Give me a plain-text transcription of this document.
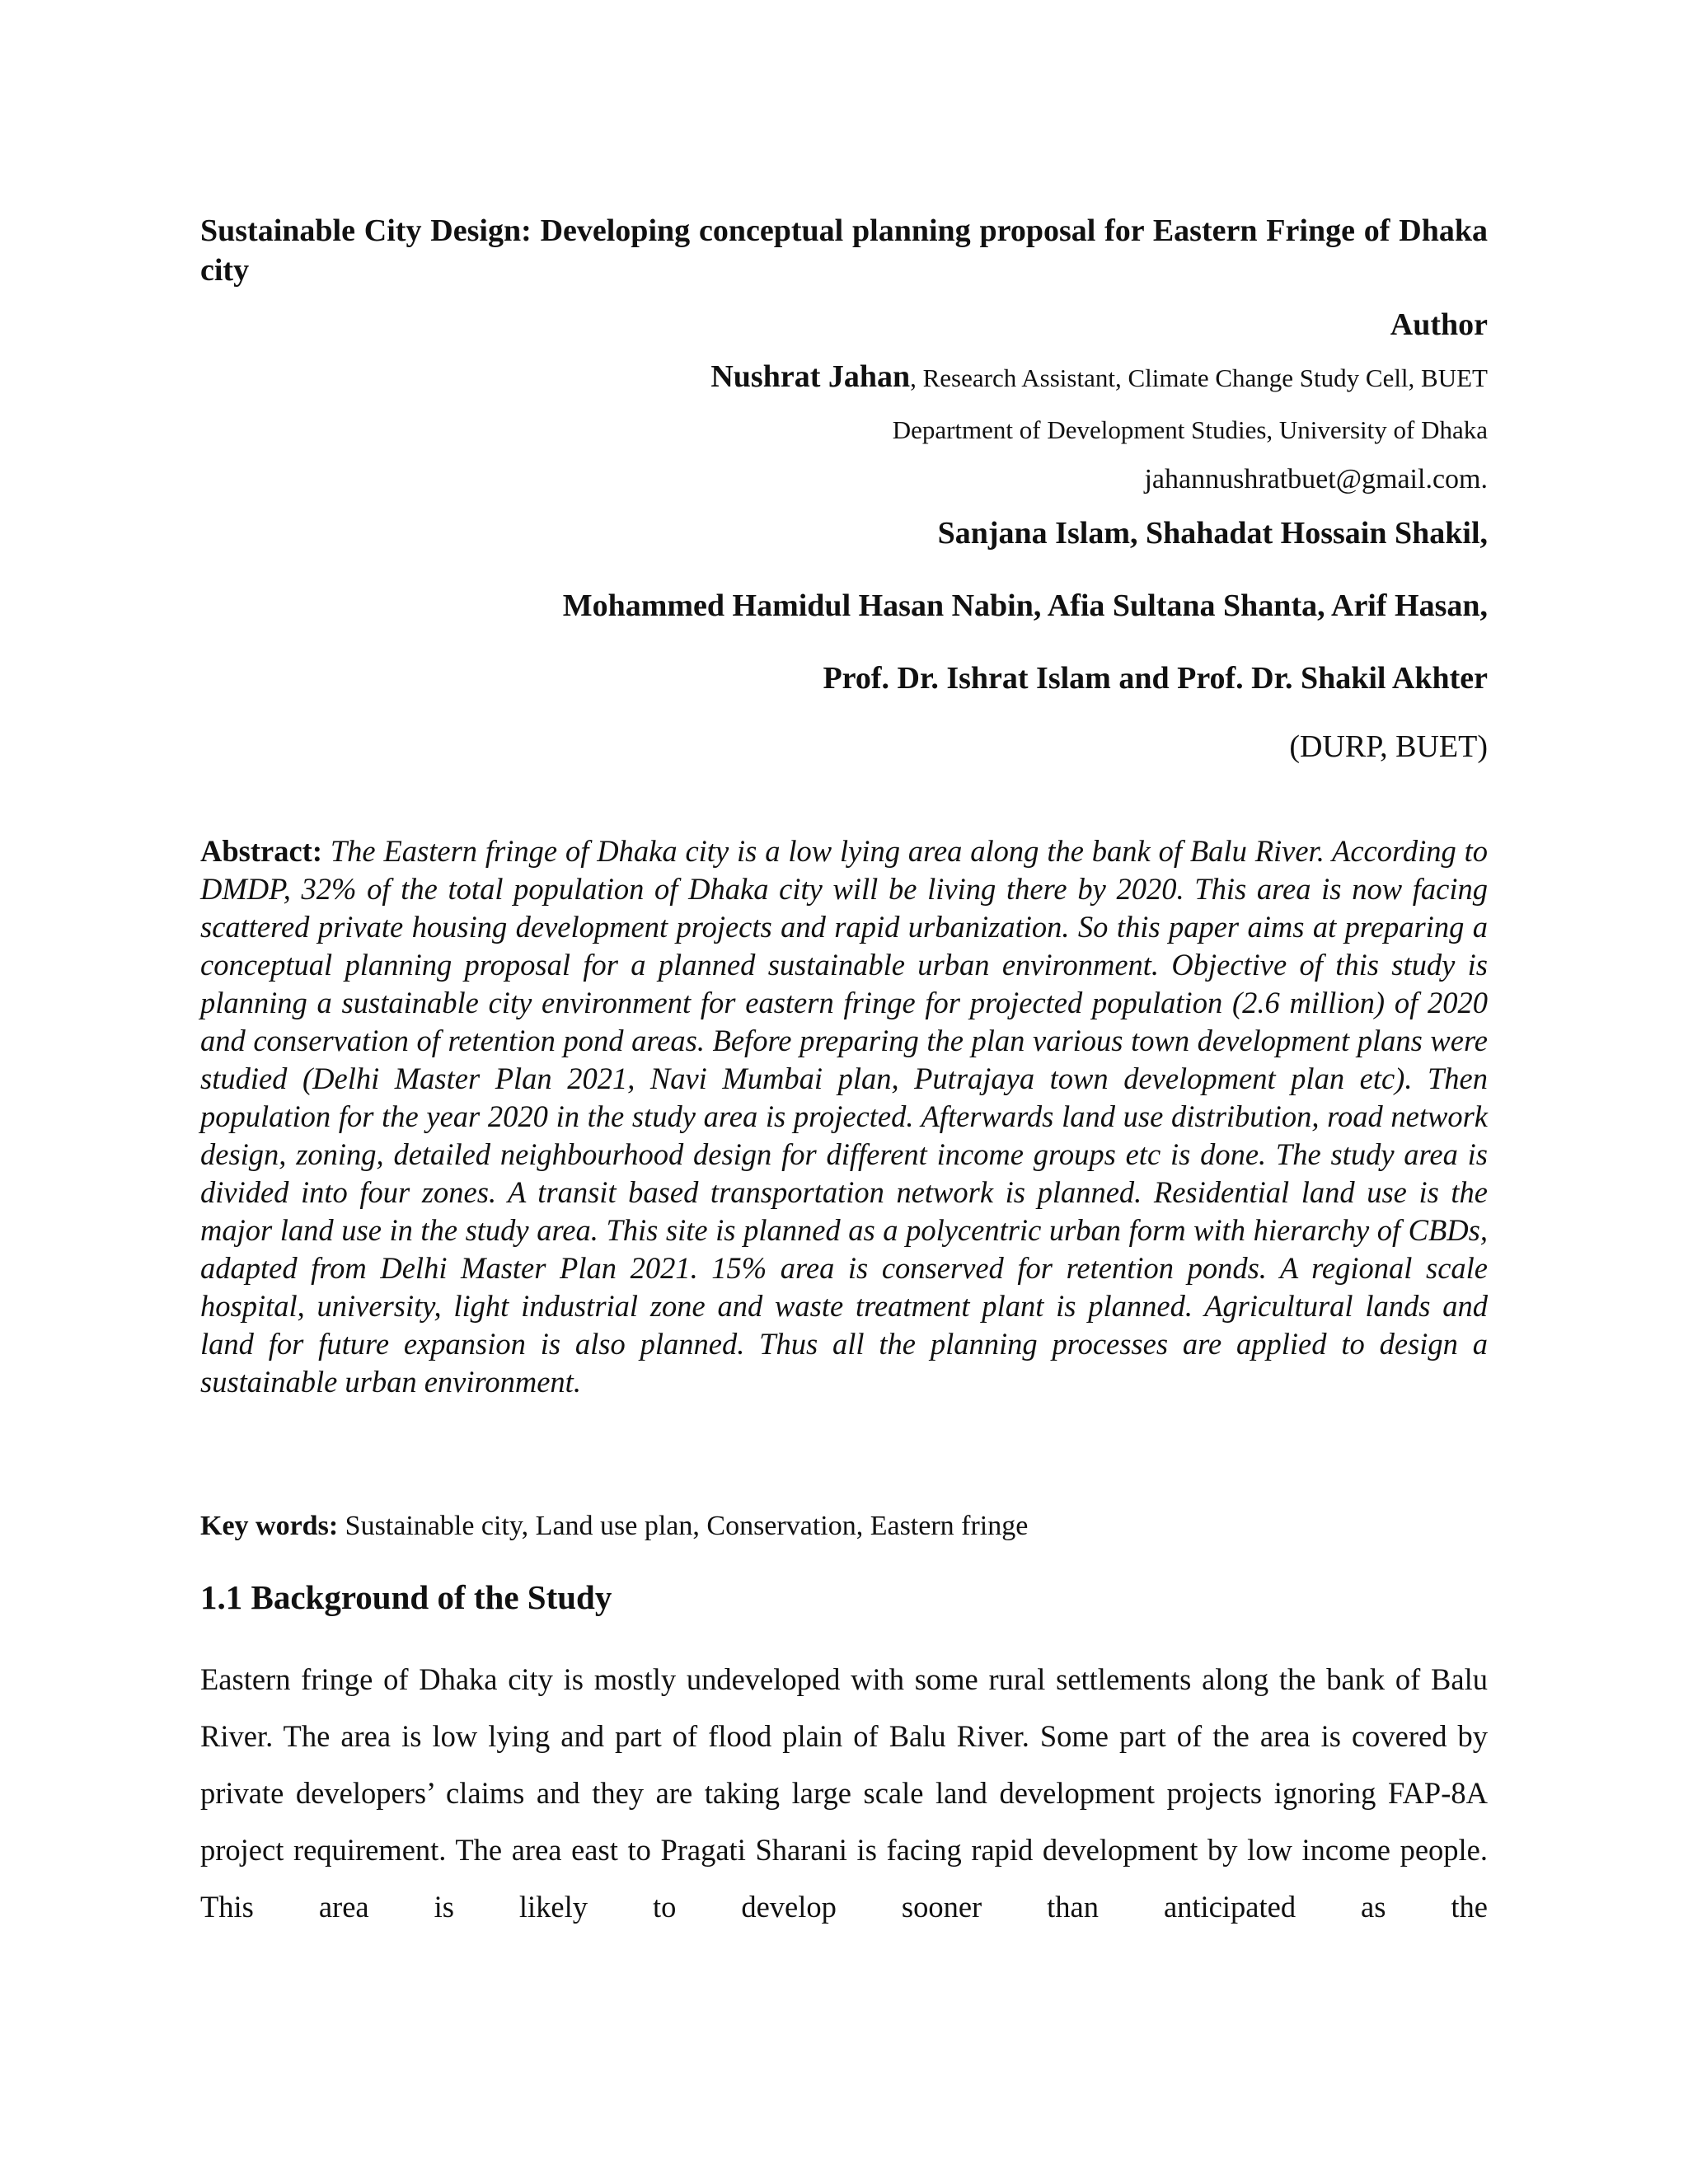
Sustainable City Design: Developing conceptual planning proposal for Eastern Fringe of Dhaka city
Author
Nushrat Jahan, Research Assistant, Climate Change Study Cell, BUET
Department of Development Studies, University of Dhaka
jahannushratbuet@gmail.com.
Sanjana Islam, Shahadat Hossain Shakil,
Mohammed Hamidul Hasan Nabin, Afia Sultana Shanta, Arif Hasan,
Prof. Dr. Ishrat Islam and Prof. Dr. Shakil Akhter
(DURP, BUET)

Abstract: The Eastern fringe of Dhaka city is a low lying area along the bank of Balu River. According to DMDP, 32% of the total population of Dhaka city will be living there by 2020. This area is now facing scattered private housing development projects and rapid urbanization. So this paper aims at preparing a conceptual planning proposal for a planned sustainable urban environment. Objective of this study is planning a sustainable city environment for eastern fringe for projected population (2.6 million) of 2020 and conservation of retention pond areas. Before preparing the plan various town development plans were studied (Delhi Master Plan 2021, Navi Mumbai plan, Putrajaya town development plan etc). Then population for the year 2020 in the study area is projected. Afterwards land use distribution, road network design, zoning, detailed neighbourhood design for different income groups etc is done. The study area is divided into four zones. A transit based transportation network is planned. Residential land use is the major land use in the study area. This site is planned as a polycentric urban form with hierarchy of CBDs, adapted from Delhi Master Plan 2021. 15% area is conserved for retention ponds. A regional scale hospital, university, light industrial zone and waste treatment plant is planned. Agricultural lands and land for future expansion is also planned. Thus all the planning processes are applied to design a sustainable urban environment.

Key words: Sustainable city, Land use plan, Conservation, Eastern fringe

1.1 Background of the Study

Eastern fringe of Dhaka city is mostly undeveloped with some rural settlements along the bank of Balu River. The area is low lying and part of flood plain of Balu River. Some part of the area is covered by private developers’ claims and they are taking large scale land development projects ignoring FAP-8A project requirement. The area east to Pragati Sharani is facing rapid development by low income people. This area is likely to develop sooner than anticipated as the
